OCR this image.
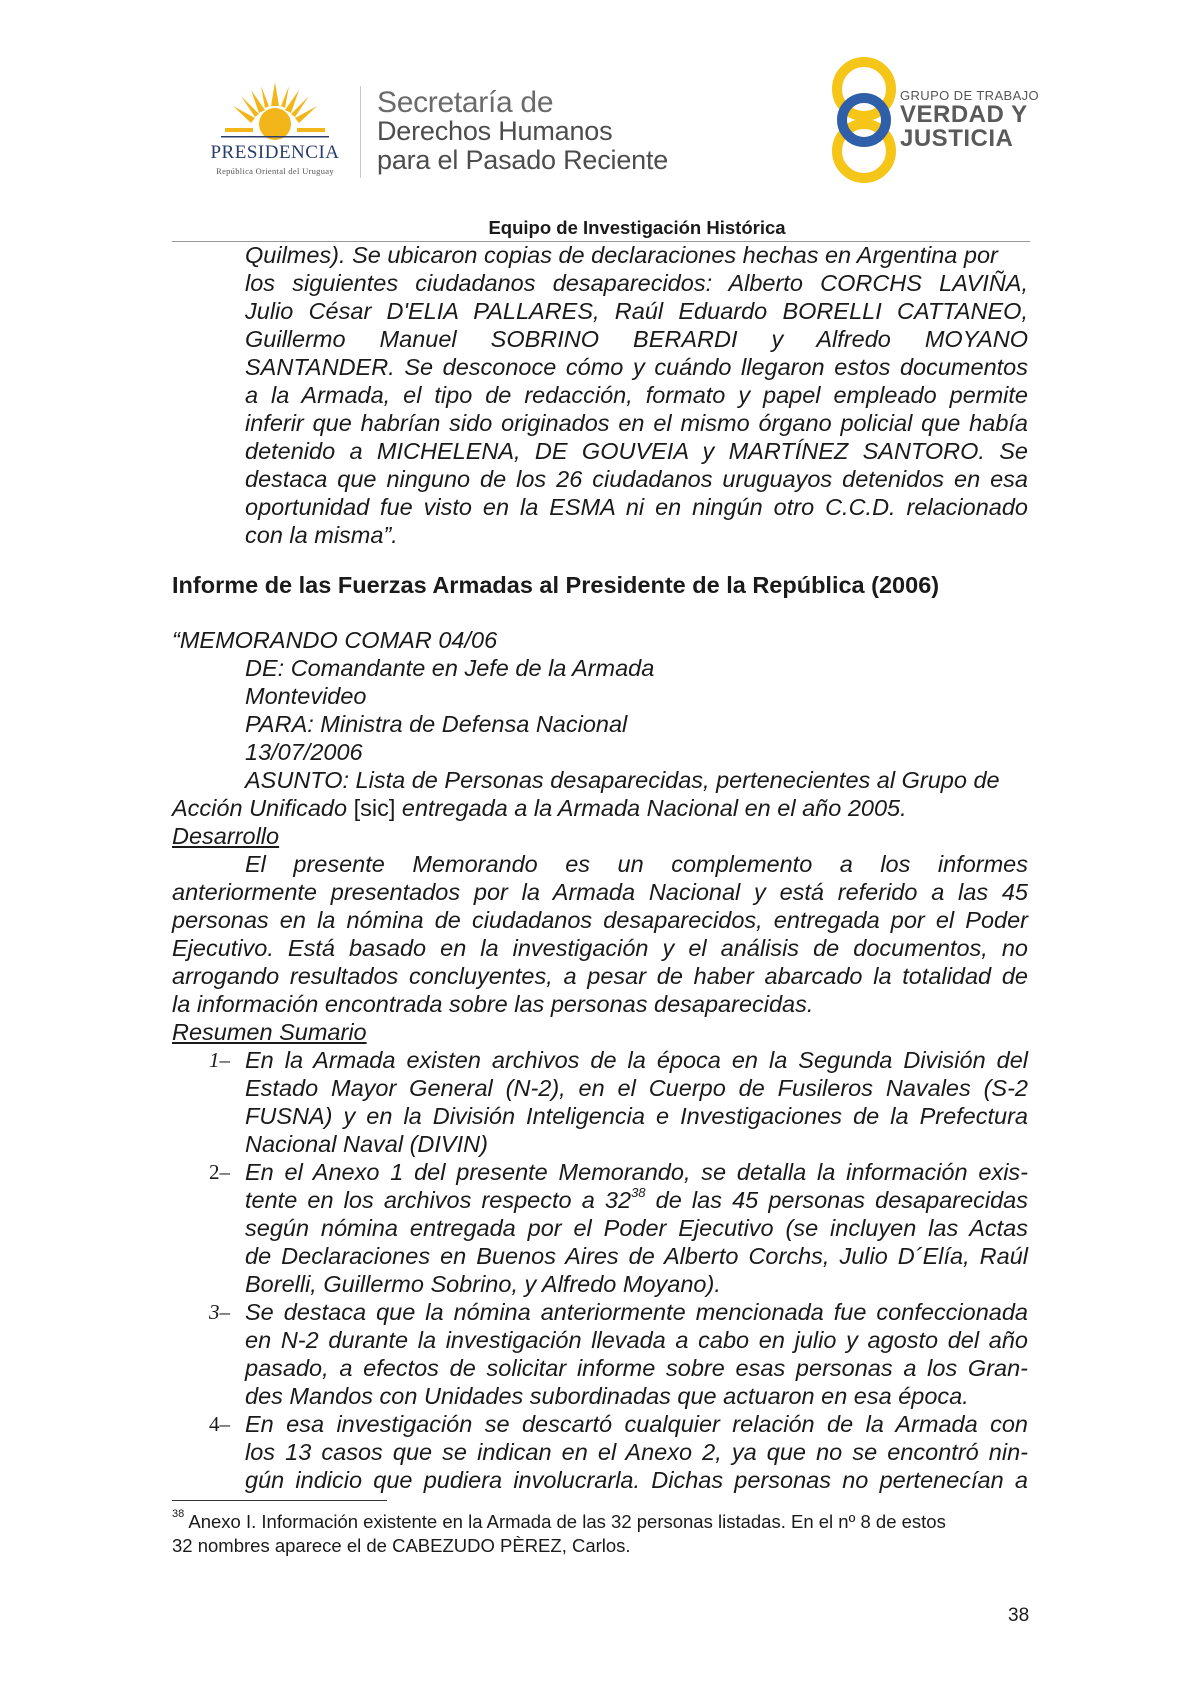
PRESIDENCIA
República Oriental del Uruguay
Secretaría de
Derechos Humanos
para el Pasado Reciente
GRUPO DE TRABAJO
VERDAD Y
JUSTICIA
Equipo de Investigación Histórica
Quilmes). Se ubicaron copias de declaraciones hechas en Argentina por
los siguientes ciudadanos desaparecidos: Alberto CORCHS LAVIÑA,
Julio César D'ELIA PALLARES, Raúl Eduardo BORELLI CATTANEO,
Guillermo Manuel SOBRINO BERARDI y Alfredo MOYANO
SANTANDER. Se desconoce cómo y cuándo llegaron estos documentos
a la Armada, el tipo de redacción, formato y papel empleado permite
inferir que habrían sido originados en el mismo órgano policial que había
detenido a MICHELENA, DE GOUVEIA y MARTÍNEZ SANTORO. Se
destaca que ninguno de los 26 ciudadanos uruguayos detenidos en esa
oportunidad fue visto en la ESMA ni en ningún otro C.C.D. relacionado
con la misma”.
Informe de las Fuerzas Armadas al Presidente de la República (2006)
“MEMORANDO COMAR 04/06
DE: Comandante en Jefe de la Armada
Montevideo
PARA: Ministra de Defensa Nacional
13/07/2006
ASUNTO: Lista de Personas desaparecidas, pertenecientes al Grupo de
Acción Unificado [sic] entregada a la Armada Nacional en el año 2005.
Desarrollo
El presente Memorando es un complemento a los informes
anteriormente presentados por la Armada Nacional y está referido a las 45
personas en la nómina de ciudadanos desaparecidos, entregada por el Poder
Ejecutivo. Está basado en la investigación y el análisis de documentos, no
arrogando resultados concluyentes, a pesar de haber abarcado la totalidad de
la información encontrada sobre las personas desaparecidas.
Resumen Sumario
1– En la Armada existen archivos de la época en la Segunda División del
Estado Mayor General (N-2), en el Cuerpo de Fusileros Navales (S-2
FUSNA) y en la División Inteligencia e Investigaciones de la Prefectura
Nacional Naval (DIVIN)
2– En el Anexo 1 del presente Memorando, se detalla la información exis-
tente en los archivos respecto a $32^{38}$ de las 45 personas desaparecidas
según nómina entregada por el Poder Ejecutivo (se incluyen las Actas
de Declaraciones en Buenos Aires de Alberto Corchs, Julio D´Elía, Raúl
Borelli, Guillermo Sobrino, y Alfredo Moyano).
3– Se destaca que la nómina anteriormente mencionada fue confeccionada
en N-2 durante la investigación llevada a cabo en julio y agosto del año
pasado, a efectos de solicitar informe sobre esas personas a los Gran-
des Mandos con Unidades subordinadas que actuaron en esa época.
4– En esa investigación se descartó cualquier relación de la Armada con
los 13 casos que se indican en el Anexo 2, ya que no se encontró nin-
gún indicio que pudiera involucrarla. Dichas personas no pertenecían a
$^{38}$ Anexo I. Información existente en la Armada de las 32 personas listadas. En el nº 8 de estos
32 nombres aparece el de CABEZUDO PÈREZ, Carlos.
38
